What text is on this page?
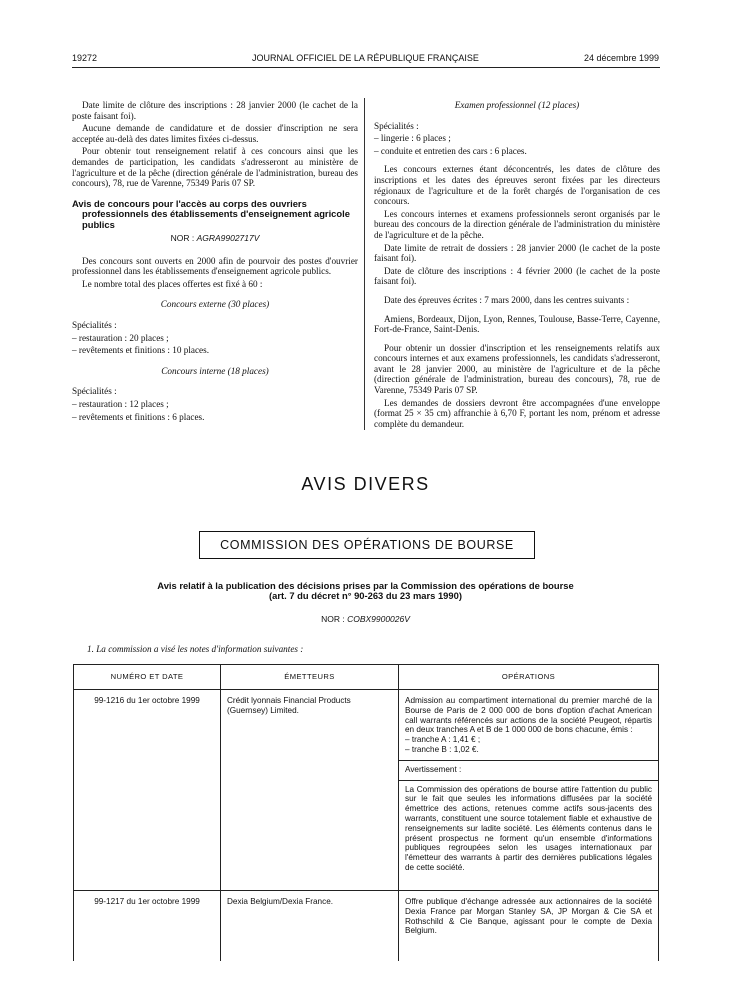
19272	JOURNAL OFFICIEL DE LA RÉPUBLIQUE FRANÇAISE	24 décembre 1999

Date limite de clôture des inscriptions : 28 janvier 2000 (le cachet de la poste faisant foi).

Aucune demande de candidature et de dossier d'inscription ne sera acceptée au-delà des dates limites fixées ci-dessus.

Pour obtenir tout renseignement relatif à ces concours ainsi que les demandes de participation, les candidats s'adresseront au ministère de l'agriculture et de la pêche (direction générale de l'administration, bureau des concours), 78, rue de Varenne, 75349 Paris 07 SP.

Avis de concours pour l'accès au corps des ouvriers
professionnels des établissements d'enseignement agricole publics
NOR : AGRA9902717V

Des concours sont ouverts en 2000 afin de pourvoir des postes d'ouvrier professionnel dans les établissements d'enseignement agricole publics.

Le nombre total des places offertes est fixé à 60 :

Concours externe (30 places)

Spécialités :

– restauration : 20 places ;

– revêtements et finitions : 10 places.

Concours interne (18 places)

Spécialités :

– restauration : 12 places ;

– revêtements et finitions : 6 places.

Examen professionnel (12 places)

Spécialités :

– lingerie : 6 places ;

– conduite et entretien des cars : 6 places.

Les concours externes étant déconcentrés, les dates de clôture des inscriptions et les dates des épreuves seront fixées par les directeurs régionaux de l'agriculture et de la forêt chargés de l'organisation de ces concours.

Les concours internes et examens professionnels seront organisés par le bureau des concours de la direction générale de l'administration du ministère de l'agriculture et de la pêche.

Date limite de retrait de dossiers : 28 janvier 2000 (le cachet de la poste faisant foi).

Date de clôture des inscriptions : 4 février 2000 (le cachet de la poste faisant foi).

Date des épreuves écrites : 7 mars 2000, dans les centres suivants :

Amiens, Bordeaux, Dijon, Lyon, Rennes, Toulouse, Basse-Terre, Cayenne, Fort-de-France, Saint-Denis.

Pour obtenir un dossier d'inscription et les renseignements relatifs aux concours internes et aux examens professionnels, les candidats s'adresseront, avant le 28 janvier 2000, au ministère de l'agriculture et de la pêche (direction générale de l'administration, bureau des concours), 78, rue de Varenne, 75349 Paris 07 SP.

Les demandes de dossiers devront être accompagnées d'une enveloppe (format 25 × 35 cm) affranchie à 6,70 F, portant les nom, prénom et adresse complète du demandeur.

AVIS DIVERS
COMMISSION DES OPÉRATIONS DE BOURSE
Avis relatif à la publication des décisions prises par la Commission des opérations de bourse
(art. 7 du décret n° 90-263 du 23 mars 1990)
NOR : COBX9900026V
1. La commission a visé les notes d'information suivantes :
NUMÉRO ET DATE	ÉMETTEURS	OPÉRATIONS
99-1216 du 1er octobre 1999	Crédit lyonnais Financial Products (Guernsey) Limited.	Admission au compartiment international du premier marché de la Bourse de Paris de 2 000 000 de bons d'option d'achat American call warrants référencés sur actions de la société Peugeot, répartis en deux tranches A et B de 1 000 000 de bons chacune, émis :

– tranche A : 1,41 € ;

– tranche B : 1,02 €.

Avertissement :

La Commission des opérations de bourse attire l'attention du public sur le fait que seules les informations diffusées par la société émettrice des actions, retenues comme actifs sous-jacents des warrants, constituent une source totalement fiable et exhaustive de renseignements sur ladite société. Les éléments contenus dans le présent prospectus ne forment qu'un ensemble d'informations publiques regroupées selon les usages internationaux par l'émetteur des warrants à partir des dernières publications légales de cette société.

99-1217 du 1er octobre 1999	Dexia Belgium/Dexia France.	Offre publique d'échange adressée aux actionnaires de la société Dexia France par Morgan Stanley SA, JP Morgan & Cie SA et Rothschild & Cie Banque, agissant pour le compte de Dexia Belgium.
